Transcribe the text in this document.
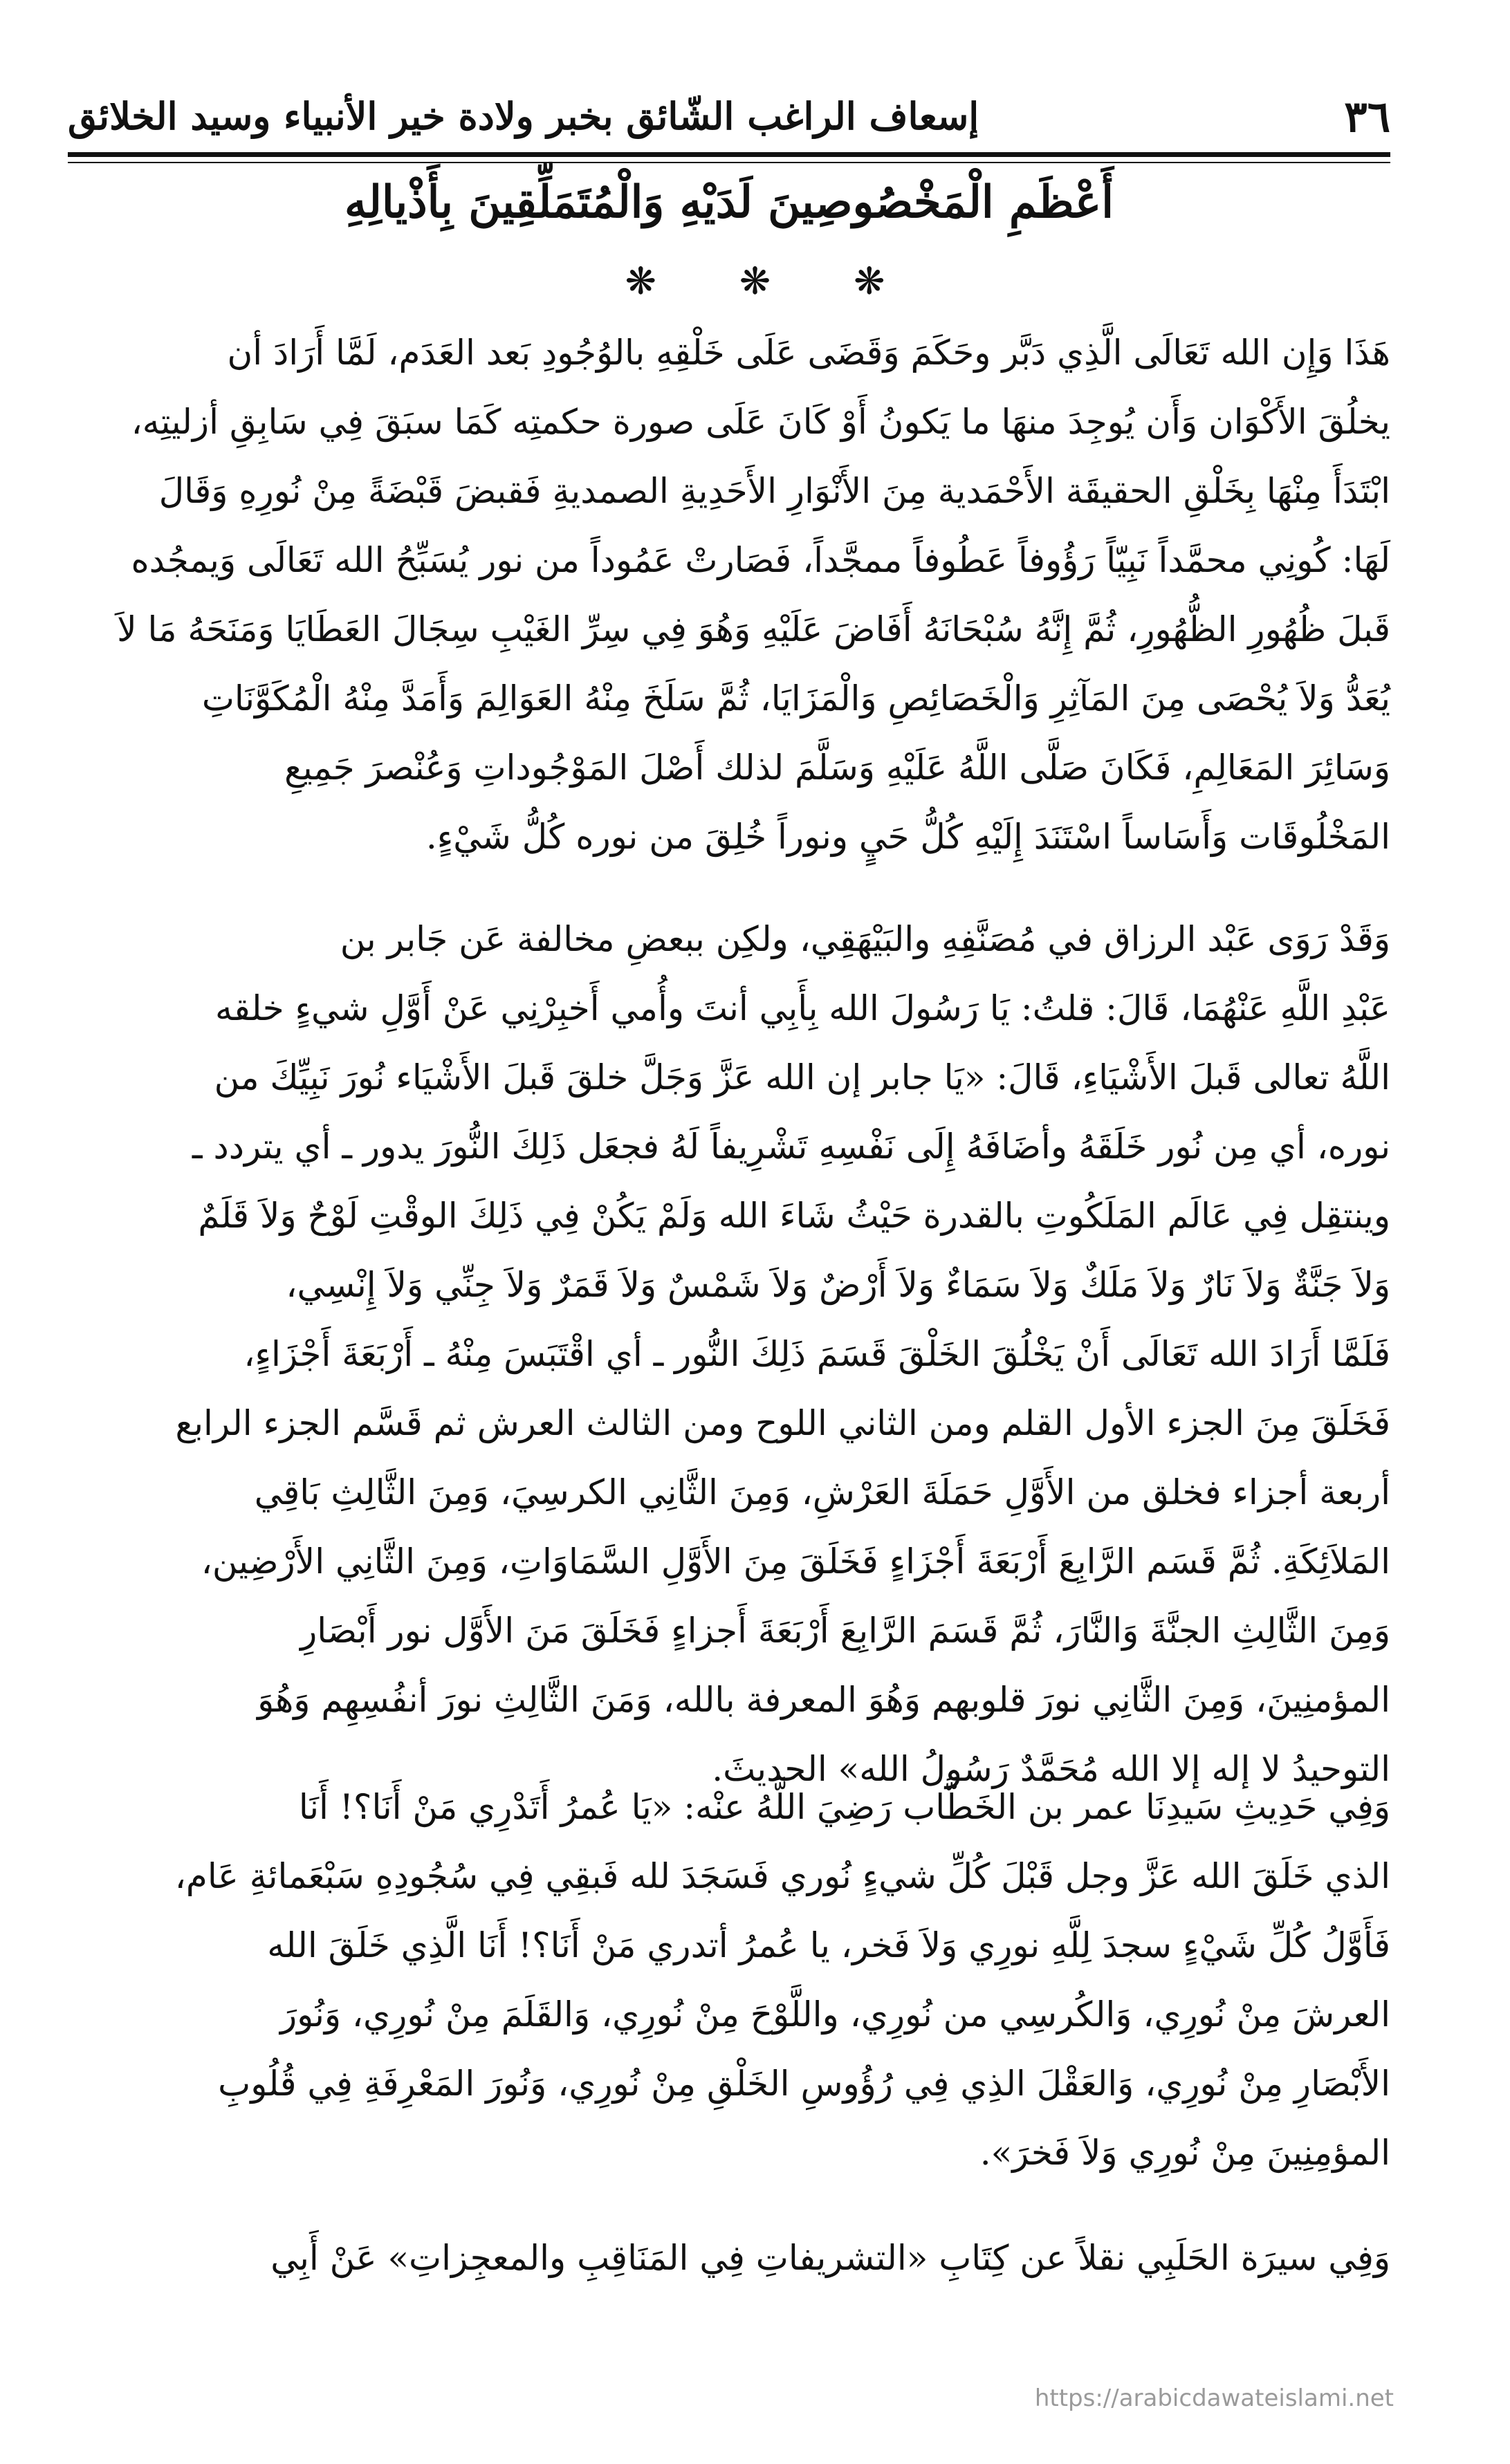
٣٦
إسعاف الراغب الشّائق بخبر ولادة خير الأنبياء وسيد الخلائق
أَعْظَمِ الْمَخْصُوصِينَ لَدَيْهِ وَالْمُتَمَلِّقِينَ بِأَذْيالِهِ
❋ ❋ ❋

هَذَا وَإِن الله تَعَالَى الَّذِي دَبَّر وحَكَمَ وَقَضَى عَلَى خَلْقِهِ بالوُجُودِ بَعد العَدَم، لَمَّا أَرَادَ أن
يخلُقَ الأَكْوَان وَأَن يُوجِدَ منهَا ما يَكونُ أَوْ كَانَ عَلَى صورة حكمتِه كَمَا سبَقَ فِي سَابِقِ أزليتِه،
ابْتَدَأَ مِنْهَا بِخَلْقِ الحقيقَة الأَحْمَدية مِنَ الأَنْوَارِ الأَحَدِيةِ الصمديةِ فَقبضَ قَبْضَةً مِنْ نُورِهِ وَقَالَ
لَهَا: كُونِي محمَّداً نَبِيّاً رَؤُوفاً عَطُوفاً ممجَّداً، فَصَارتْ عَمُوداً من نور يُسَبِّحُ الله تَعَالَى وَيمجُده
قَبلَ ظُهُورِ الظُّهُورِ، ثُمَّ إِنَّهُ سُبْحَانَهُ أَفَاضَ عَلَيْهِ وَهُوَ فِي سِرِّ الغَيْبِ سِجَالَ العَطَايَا وَمَنَحَهُ مَا لاَ
يُعَدُّ وَلاَ يُحْصَى مِنَ المَآثِرِ وَالْخَصَائِصِ وَالْمَزَايَا، ثُمَّ سَلَخَ مِنْهُ العَوَالِمَ وَأَمَدَّ مِنْهُ الْمُكَوَّنَاتِ
وَسَائِرَ المَعَالِمِ، فَكَانَ صَلَّى اللَّهُ عَلَيْهِ وَسَلَّمَ لذلك أَصْلَ المَوْجُوداتِ وَعُنْصرَ جَمِيعِ
المَخْلُوقَات وَأَسَاساً اسْتَنَدَ إِلَيْهِ كُلُّ حَيٍ ونوراً خُلِقَ من نوره كُلُّ شَيْءٍ.

وَقَدْ رَوَى عَبْد الرزاق في مُصَنَّفِهِ والبَيْهَقِي، ولكِن ببعضِ مخالفة عَن جَابر بن
عَبْدِ اللَّهِ عَنْهُمَا، قَالَ: قلتُ: يَا رَسُولَ الله بِأَبِي أنتَ وأُمي أَخبِرْنِي عَنْ أَوَّلِ شيءٍ خلقه
اللَّهُ تعالى قَبلَ الأَشْيَاءِ، قَالَ: «يَا جابر إن الله عَزَّ وَجَلَّ خلقَ قَبلَ الأَشْيَاء نُورَ نَبِيِّكَ من
نوره، أي مِن نُور خَلَقَهُ وأضَافَهُ إِلَى نَفْسِهِ تَشْرِيفاً لَهُ فجعَل ذَلِكَ النُّورَ يدور ـ أي يتردد ـ
وينتقِل فِي عَالَم المَلَكُوتِ بالقدرة حَيْثُ شَاءَ الله وَلَمْ يَكُنْ فِي ذَلِكَ الوقْتِ لَوْحٌ وَلاَ قَلَمٌ
وَلاَ جَنَّةٌ وَلاَ نَارٌ وَلاَ مَلَكٌ وَلاَ سَمَاءٌ وَلاَ أَرْضٌ وَلاَ شَمْسٌ وَلاَ قَمَرٌ وَلاَ جِنِّي وَلاَ إِنْسِي،
فَلَمَّا أَرَادَ الله تَعَالَى أَنْ يَخْلُقَ الخَلْقَ قَسَمَ ذَلِكَ النُّور ـ أي اقْتَبَسَ مِنْهُ ـ أَرْبَعَةَ أَجْزَاءٍ،
فَخَلَقَ مِنَ الجزء الأول القلم ومن الثاني اللوح ومن الثالث العرش ثم قَسَّم الجزء الرابع
أربعة أجزاء فخلق من الأَوَّلِ حَمَلَةَ العَرْشِ، وَمِنَ الثَّانِي الكرسِيَ، وَمِنَ الثَّالِثِ بَاقِي
المَلاَئِكَةِ. ثُمَّ قَسَم الرَّابِعَ أَرْبَعَةَ أَجْزَاءٍ فَخَلَقَ مِنَ الأَوَّلِ السَّمَاوَاتِ، وَمِنَ الثَّانِي الأَرْضِين،
وَمِنَ الثَّالِثِ الجنَّةَ وَالنَّارَ، ثُمَّ قَسَمَ الرَّابِعَ أَرْبَعَةَ أَجزاءٍ فَخَلَقَ مَنَ الأَوَّل نور أَبْصَارِ
المؤمنِينَ، وَمِنَ الثَّانِي نورَ قلوبهم وَهُوَ المعرفة بالله، وَمَنَ الثَّالِثِ نورَ أنفُسِهِم وَهُوَ
التوحيدُ لا إله إلا الله مُحَمَّدٌ رَسُولُ الله» الحديثَ.

وَفِي حَدِيثِ سَيدِنَا عمر بن الخَطَّاب رَضِيَ اللَّهُ عنْه: «يَا عُمرُ أَتَدْرِي مَنْ أَنَا؟! أَنَا
الذي خَلَقَ الله عَزَّ وجل قَبْلَ كُلِّ شيءٍ نُوري فَسَجَدَ لله فَبقِي فِي سُجُودِهِ سَبْعَمائةِ عَام،
فَأَوَّلُ كُلِّ شَيْءٍ سجدَ لِلَّهِ نورِي وَلاَ فَخر، يا عُمرُ أتدري مَنْ أَنَا؟! أَنَا الَّذِي خَلَقَ الله
العرشَ مِنْ نُورِي، وَالكُرسِي من نُورِي، واللَّوْحَ مِنْ نُورِي، وَالقَلَمَ مِنْ نُورِي، وَنُورَ
الأَبْصَارِ مِنْ نُورِي، وَالعَقْلَ الذِي فِي رُؤُوسِ الخَلْقِ مِنْ نُورِي، وَنُورَ المَعْرِفَةِ فِي قُلُوبِ
المؤمِنِينَ مِنْ نُورِي وَلاَ فَخرَ».

وَفِي سيرَة الحَلَبِي نقلاً عن كِتَابِ «التشريفاتِ فِي المَنَاقِبِ والمعجِزاتِ» عَنْ أَبِي

https://arabicdawateislami.net
